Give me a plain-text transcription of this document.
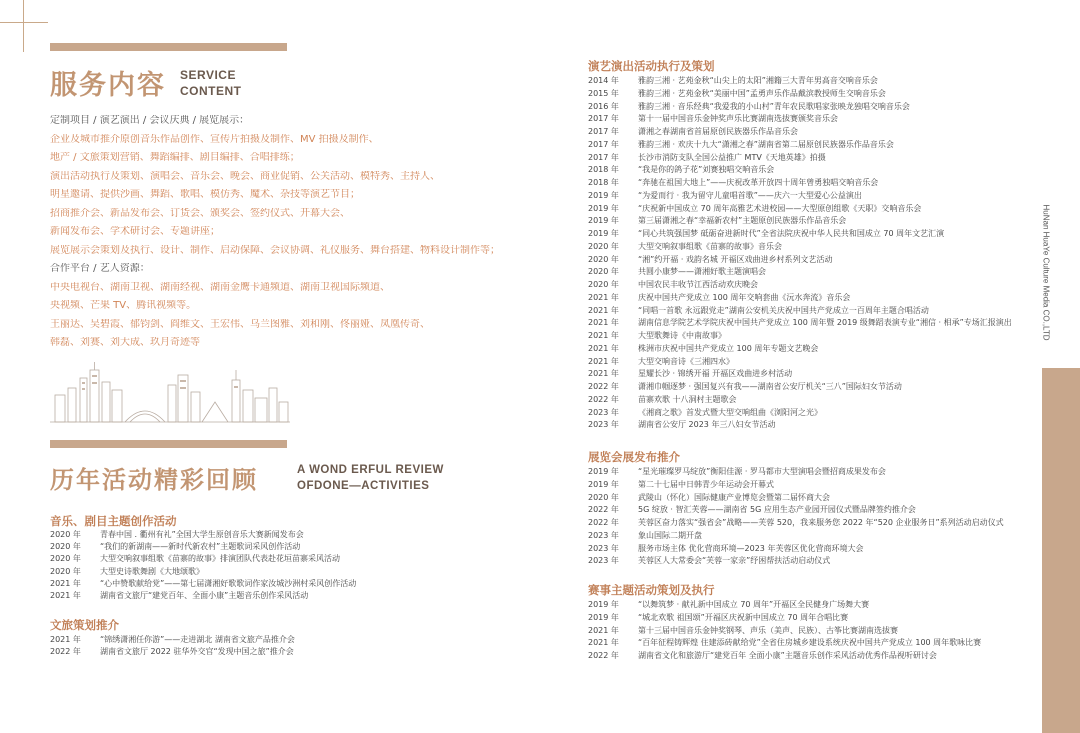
服务内容 SERVICE
CONTENT
定制项目 / 演艺演出 / 会议庆典 / 展览展示：
企业及城市推介原创音乐作品创作、宣传片拍摄及制作、MV 拍摄及制作、
地产 / 文旅策划营销、舞蹈编排、剧目编排、合唱排练；
演出活动执行及策划、演唱会、音乐会、晚会、商业促销、公关活动、模特秀、主持人、
明星邀请、提供沙画、舞蹈、歌唱、模仿秀、魔术、杂技等演艺节目；
招商推介会、新品发布会、订货会、颁奖会、签约仪式、开幕大会、
新闻发布会、学术研讨会、专题讲座；
展览展示会策划及执行、设计、制作、启动保障、会议协调、礼仪服务、舞台搭建、物料设计制作等；
合作平台 / 艺人资源：
中央电视台、湖南卫视、湖南经视、湖南金鹰卡通频道、湖南卫视国际频道、
央视频、芒果 TV、腾讯视频等。
王丽达、吴碧霞、郁钧剑、阎维文、王宏伟、乌兰图雅、刘和刚、佟丽娅、凤凰传奇、
韩磊、刘赛、刘大成、玖月奇迹等
历年活动精彩回顾	A WOND ERFUL REVIEW
OFDONE—ACTIVITIES
音乐、剧目主题创作活动
2020 年 青春中国 . 衢州有礼”全国大学生原创音乐大赛新闻发布会
2020 年 “我们的新湖南——新时代新农村”主题歌词采风创作活动
2020 年 大型交响叙事组歌《苗寨的故事》排演团队代表赴花垣苗寨采风活动
2020 年 大型史诗歌舞剧《大地颂歌》
2021 年 “心中赞歌献给党”——第七届潇湘好歌歌词作家汝城沙洲村采风创作活动
2021 年 湖南省文旅厅“建党百年、全面小康”主题音乐创作采风活动
文旅策划推介
2021 年 “锦绣潇湘任你游”——走进湖北 湖南省文旅产品推介会
2022 年 湖南省文旅厅 2022 驻华外交官“发现中国之旅”推介会
演艺演出活动执行及策划
2014 年 雅韵三湘 · 艺苑金秋“山尖上的太阳”湘籍三大青年男高音交响音乐会
2015 年 雅韵三湘 · 艺苑金秋“美丽中国”孟勇声乐作品戴滨教授师生交响音乐会
2016 年 雅韵三湘 · 音乐经典“我爱我的小山村”青年农民歌唱家张映龙独唱交响音乐会
2017 年 第十一届中国音乐金钟奖声乐比赛湖南选拔赛颁奖音乐会
2017 年 潇湘之春湖南省首届原创民族器乐作品音乐会
2017 年 雅韵三湘 · 欢庆十九大“潇湘之春”湖南省第二届原创民族器乐作品音乐会
2017 年 长沙市消防支队全国公益推广 MTV《天地英雄》拍摄
2018 年 “我是你的鸽子花”刘赛独唱交响音乐会
2018 年 “奔驰在祖国大地上”——庆祝改革开放四十周年曾勇独唱交响音乐会
2019 年 “为爱而行 · 我为留守儿童唱首歌”——庆六一大型爱心公益演出
2019 年 “庆祝新中国成立 70 周年高雅艺术进校园——大型原创组歌《天职》交响音乐会
2019 年 第三届潇湘之春“幸福新农村”主题原创民族器乐作品音乐会
2019 年 “同心共筑强国梦 砥砺奋进新时代”全省法院庆祝中华人民共和国成立 70 周年文艺汇演
2020 年 大型交响叙事组歌《苗寨的故事》音乐会
2020 年 “湘”约开福 · 戏韵名城 开福区戏曲进乡村系列文艺活动
2020 年 共圆小康梦——潇湘好歌主题演唱会
2020 年 中国农民丰收节江西活动欢庆晚会
2021 年 庆祝中国共产党成立 100 周年交响套曲《沅水奔流》音乐会
2021 年 “同唱一首歌 永远跟党走”湖南公安机关庆祝中国共产党成立一百周年主题合唱活动
2021 年 湖南信息学院艺术学院庆祝中国共产党成立 100 周年暨 2019 级舞蹈表演专业“湘信 · 相承”专场汇报演出
2021 年 大型歌舞诗《中南故事》
2021 年 株洲市庆祝中国共产党成立 100 周年专题文艺晚会
2021 年 大型交响音诗《三湘四水》
2021 年 星耀长沙 · 锦绣开福 开福区戏曲进乡村活动
2022 年 潇湘巾帼逐梦 · 强国复兴有我——湖南省公安厅机关“三八”国际妇女节活动
2022 年 苗寨欢歌 十八洞村主题歌会
2023 年 《湘商之歌》首发式暨大型交响组曲《浏阳河之光》
2023 年 湖南省公安厅 2023 年三八妇女节活动
展览会展发布推介
2019 年 “星光璀璨罗马绽放”衡阳佳源 · 罗马都市大型演唱会暨招商成果发布会
2019 年 第二十七届中日韩青少年运动会开幕式
2020 年 武陵山（怀化）国际健康产业博览会暨第二届怀商大会
2022 年 5G 绽放 · 智汇芙蓉——湖南省 5G 应用生态产业园开园仪式暨品牌签约推介会
2022 年 芙蓉区奋力落实“强省会”战略——芙蓉 520，我来服务您 2022 年“520 企业服务日”系列活动启动仪式
2023 年 象山国际二期开盘
2023 年 服务市场主体 优化营商环境—2023 年芙蓉区优化营商环境大会
2023 年 芙蓉区人大常委会“芙蓉一家亲”纾困帮扶活动启动仪式
赛事主题活动策划及执行
2019 年 “以舞筑梦 · 献礼新中国成立 70 周年”开福区全民健身广场舞大赛
2019 年 “城北欢歌 祖国颂”开福区庆祝新中国成立 70 周年合唱比赛
2021 年 第十三届中国音乐金钟奖钢琴、声乐（美声、民族）、古筝比赛湖南选拔赛
2021 年 “百年征程铸辉煌 住建添砖献给党”全省住房城乡建设系统庆祝中国共产党成立 100 周年歌咏比赛
2022 年 湖南省文化和旅游厅“建党百年 全面小康”主题音乐创作采风活动优秀作品视听研讨会
HuNan HuaYe Culture Media CO.,LTD
